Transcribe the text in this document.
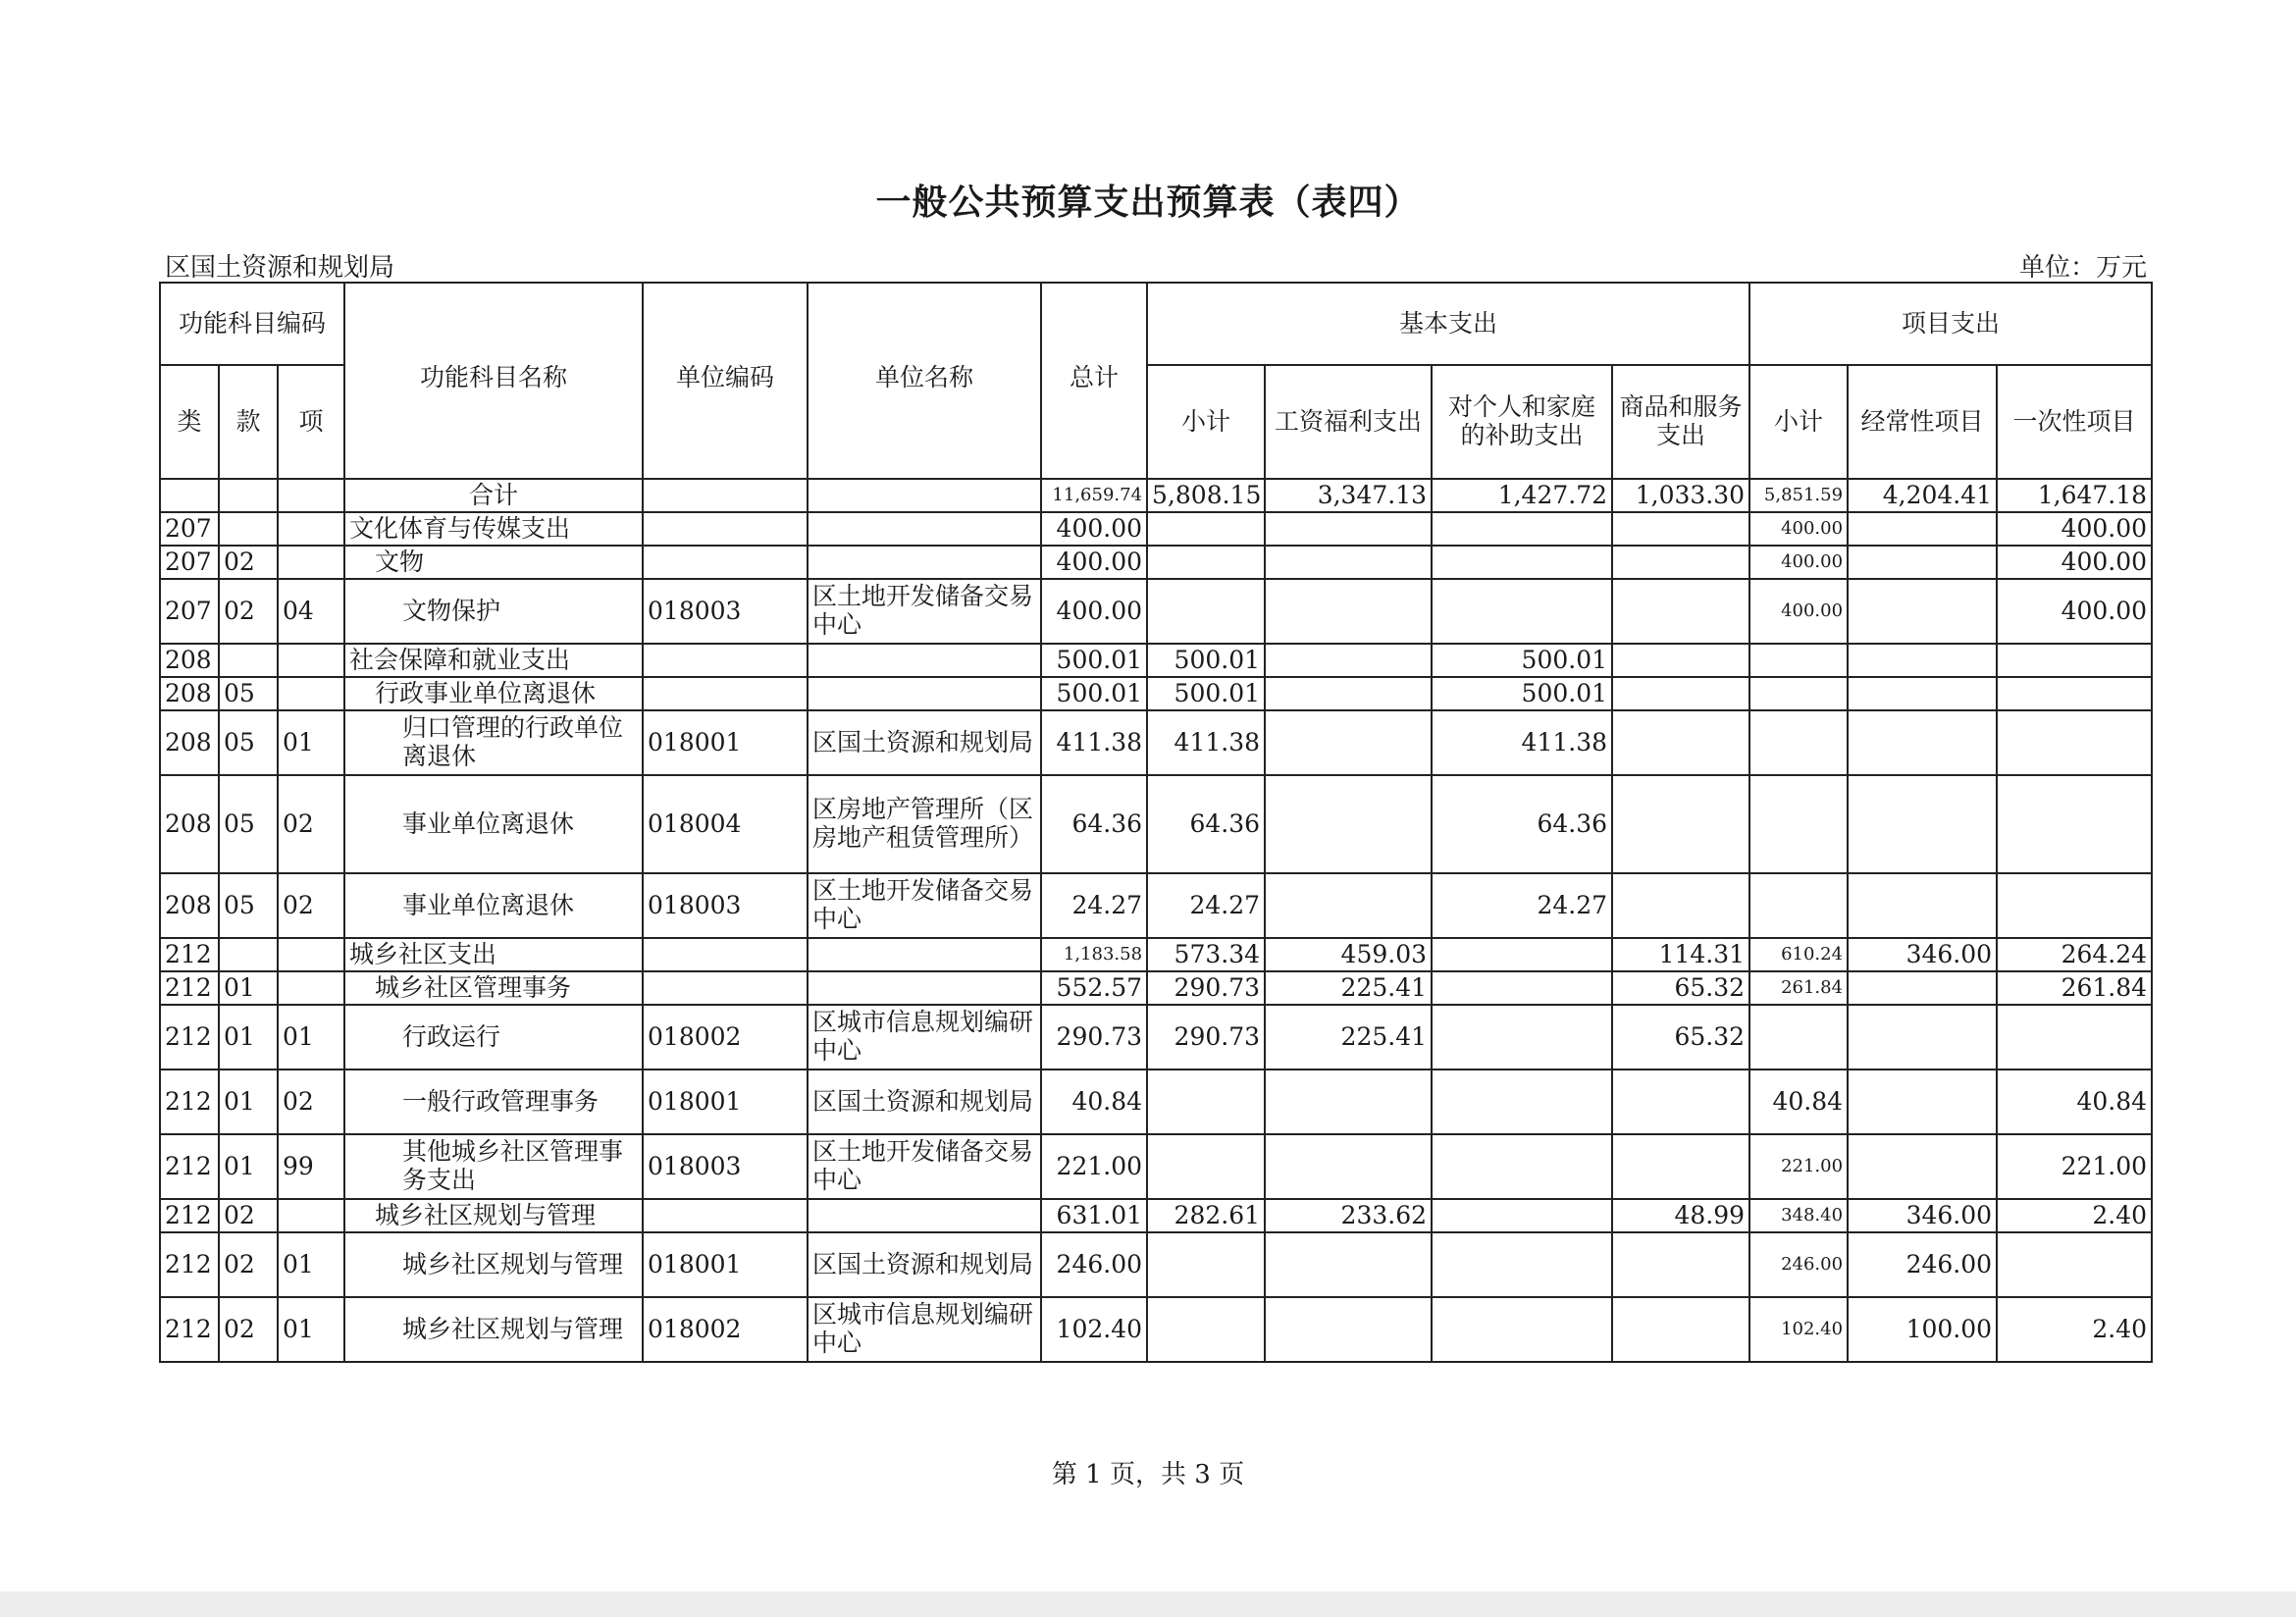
一般公共预算支出预算表（表四）
区国土资源和规划局	单位：万元
功能科目编码			功能科目名称	单位编码	单位名称	总计	基本支出				项目支出		
类	款	项					小计	工资福利支出	对个人和家庭的补助支出	商品和服务支出	小计	经常性项目	一次性项目
			合计			11,659.74	5,808.15	3,347.13	1,427.72	1,033.30	5,851.59	4,204.41	1,647.18
207			文化体育与传媒支出			400.00					400.00		400.00
207	02		文物			400.00					400.00		400.00
207	02	04	文物保护	018003	区土地开发储备交易中心	400.00					400.00		400.00
208			社会保障和就业支出			500.01	500.01		500.01				
208	05		行政事业单位离退休			500.01	500.01		500.01				
208	05	01	归口管理的行政单位离退休	018001	区国土资源和规划局	411.38	411.38		411.38				
208	05	02	事业单位离退休	018004	区房地产管理所（区房地产租赁管理所）	64.36	64.36		64.36				
208	05	02	事业单位离退休	018003	区土地开发储备交易中心	24.27	24.27		24.27				
212			城乡社区支出			1,183.58	573.34	459.03		114.31	610.24	346.00	264.24
212	01		城乡社区管理事务			552.57	290.73	225.41		65.32	261.84		261.84
212	01	01	行政运行	018002	区城市信息规划编研中心	290.73	290.73	225.41		65.32			
212	01	02	一般行政管理事务	018001	区国土资源和规划局	40.84					40.84		40.84
212	01	99	其他城乡社区管理事务支出	018003	区土地开发储备交易中心	221.00					221.00		221.00
212	02		城乡社区规划与管理			631.01	282.61	233.62		48.99	348.40	346.00	2.40
212	02	01	城乡社区规划与管理	018001	区国土资源和规划局	246.00					246.00	246.00	
212	02	01	城乡社区规划与管理	018002	区城市信息规划编研中心	102.40					102.40	100.00	2.40
第 1 页，共 3 页
